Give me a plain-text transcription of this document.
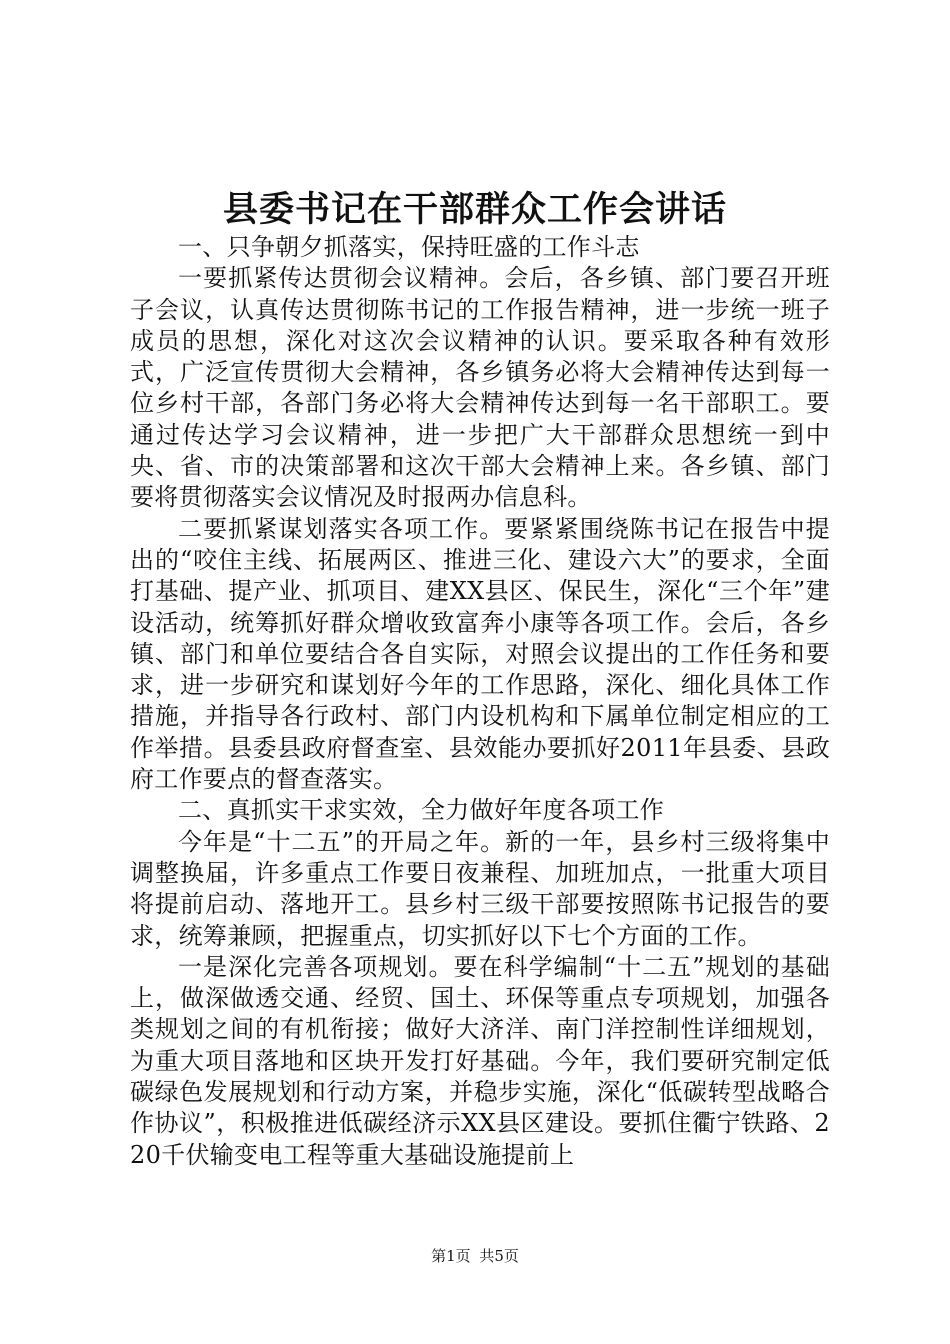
县委书记在干部群众工作会讲话

一、只争朝夕抓落实，保持旺盛的工作斗志

一要抓紧传达贯彻会议精神。会后，各乡镇、部门要召开班子会议，认真传达贯彻陈书记的工作报告精神，进一步统一班子成员的思想，深化对这次会议精神的认识。要采取各种有效形式，广泛宣传贯彻大会精神，各乡镇务必将大会精神传达到每一位乡村干部，各部门务必将大会精神传达到每一名干部职工。要通过传达学习会议精神，进一步把广大干部群众思想统一到中央、省、市的决策部署和这次干部大会精神上来。各乡镇、部门要将贯彻落实会议情况及时报两办信息科。

二要抓紧谋划落实各项工作。要紧紧围绕陈书记在报告中提出的“咬住主线、拓展两区、推进三化、建设六大”的要求，全面打基础、提产业、抓项目、建XX县区、保民生，深化“三个年”建设活动，统筹抓好群众增收致富奔小康等各项工作。会后，各乡镇、部门和单位要结合各自实际，对照会议提出的工作任务和要求，进一步研究和谋划好今年的工作思路，深化、细化具体工作措施，并指导各行政村、部门内设机构和下属单位制定相应的工作举措。县委县政府督查室、县效能办要抓好2011年县委、县政府工作要点的督查落实。

二、真抓实干求实效，全力做好年度各项工作

今年是“十二五”的开局之年。新的一年，县乡村三级将集中调整换届，许多重点工作要日夜兼程、加班加点，一批重大项目将提前启动、落地开工。县乡村三级干部要按照陈书记报告的要求，统筹兼顾，把握重点，切实抓好以下七个方面的工作。

一是深化完善各项规划。要在科学编制“十二五”规划的基础上，做深做透交通、经贸、国土、环保等重点专项规划，加强各类规划之间的有机衔接；做好大济洋、南门洋控制性详细规划，为重大项目落地和区块开发打好基础。今年，我们要研究制定低碳绿色发展规划和行动方案，并稳步实施，深化“低碳转型战略合作协议”，积极推进低碳经济示XX县区建设。要抓住衢宁铁路、220千伏输变电工程等重大基础设施提前上

第1页 共5页
